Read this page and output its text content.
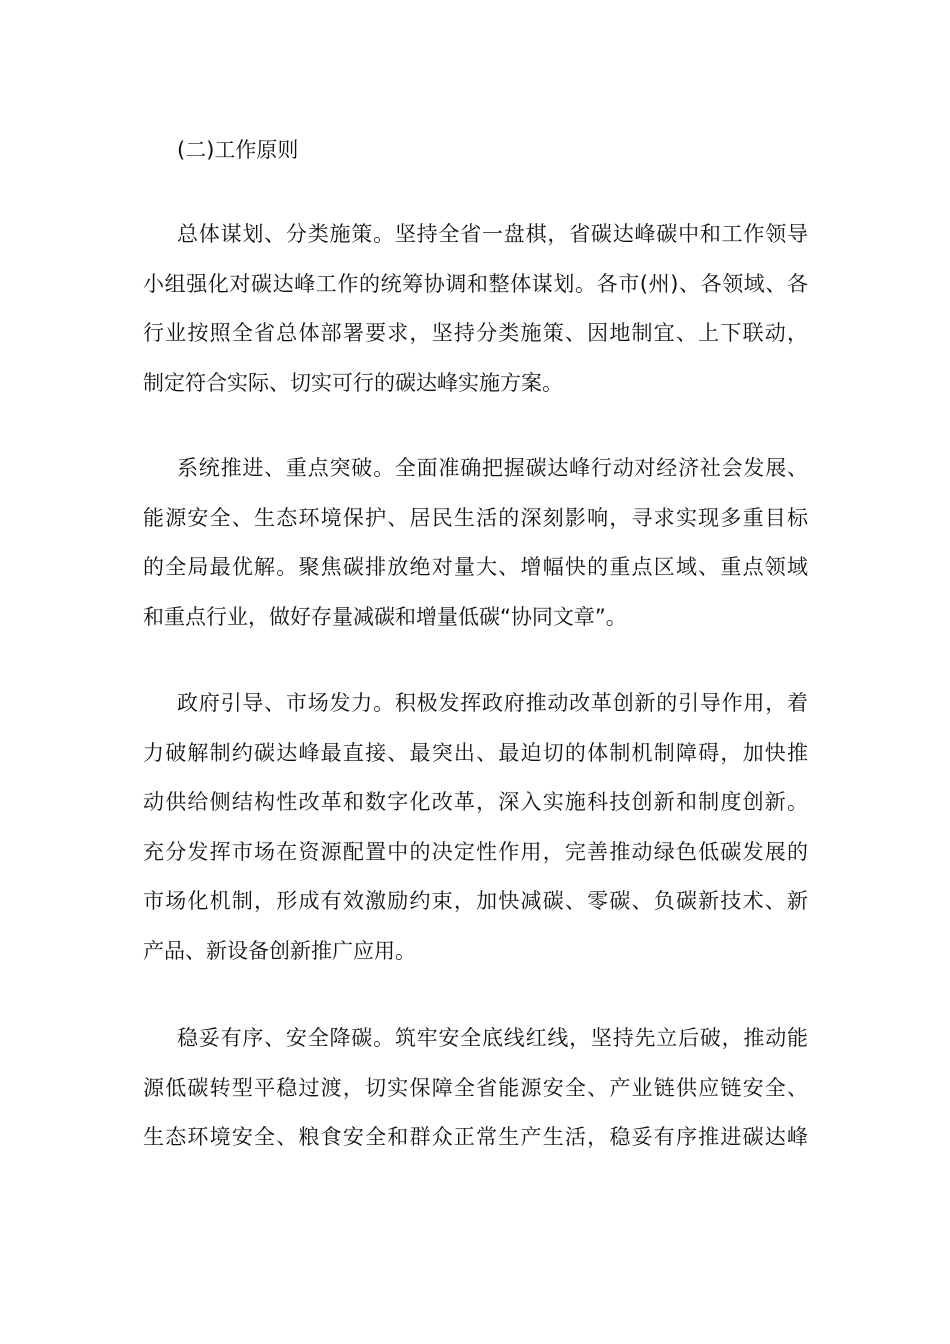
(二)工作原则
总体谋划、分类施策。坚持全省一盘棋，省碳达峰碳中和工作领导
小组强化对碳达峰工作的统筹协调和整体谋划。各市(州)、各领域、各
行业按照全省总体部署要求，坚持分类施策、因地制宜、上下联动，
制定符合实际、切实可行的碳达峰实施方案。
系统推进、重点突破。全面准确把握碳达峰行动对经济社会发展、
能源安全、生态环境保护、居民生活的深刻影响，寻求实现多重目标
的全局最优解。聚焦碳排放绝对量大、增幅快的重点区域、重点领域
和重点行业，做好存量减碳和增量低碳“协同文章”。
政府引导、市场发力。积极发挥政府推动改革创新的引导作用，着
力破解制约碳达峰最直接、最突出、最迫切的体制机制障碍，加快推
动供给侧结构性改革和数字化改革，深入实施科技创新和制度创新。
充分发挥市场在资源配置中的决定性作用，完善推动绿色低碳发展的
市场化机制，形成有效激励约束，加快减碳、零碳、负碳新技术、新
产品、新设备创新推广应用。
稳妥有序、安全降碳。筑牢安全底线红线，坚持先立后破，推动能
源低碳转型平稳过渡，切实保障全省能源安全、产业链供应链安全、
生态环境安全、粮食安全和群众正常生产生活，稳妥有序推进碳达峰
